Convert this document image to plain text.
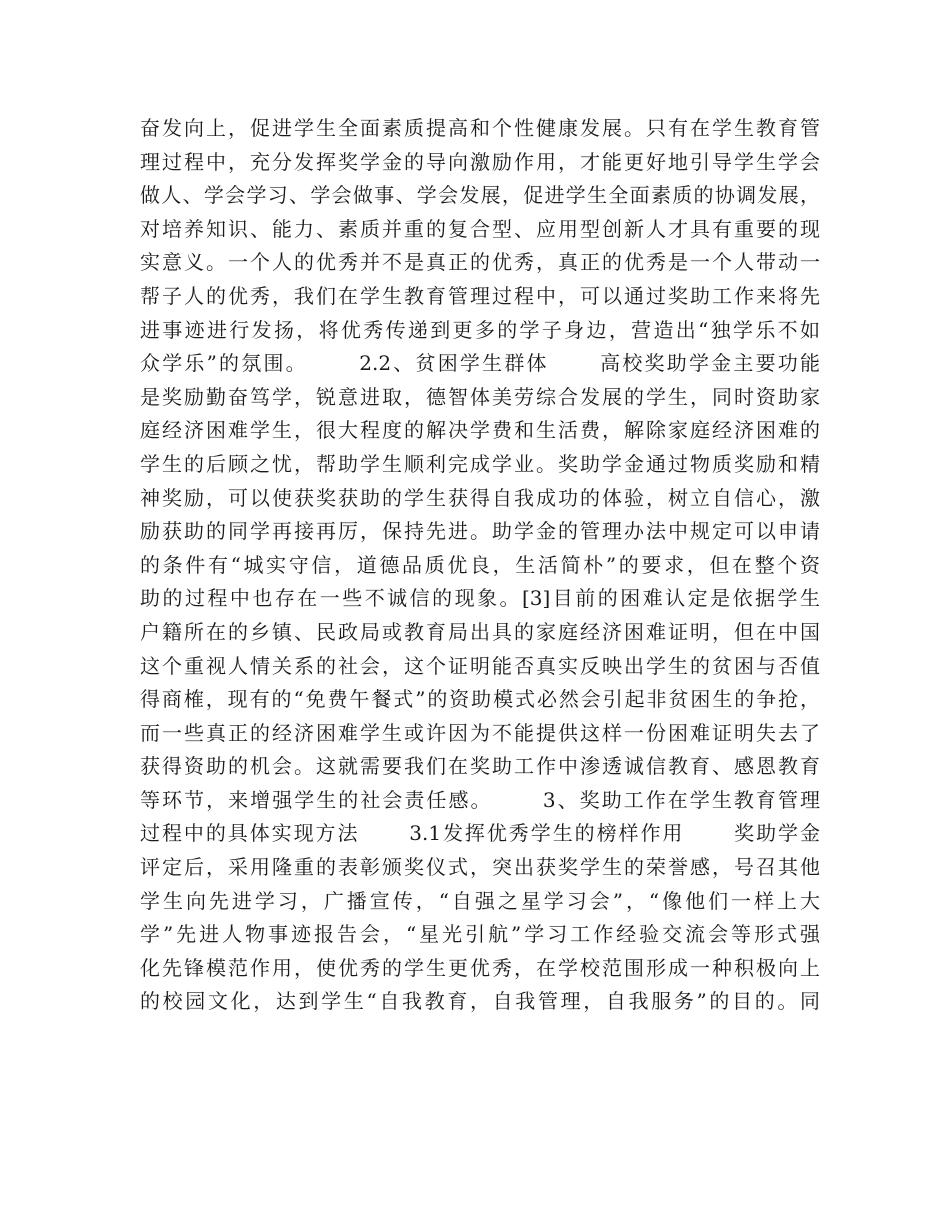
奋发向上，促进学生全面素质提高和个性健康发展。只有在学生教育管
理过程中，充分发挥奖学金的导向激励作用，才能更好地引导学生学会
做人、学会学习、学会做事、学会发展，促进学生全面素质的协调发展，
对培养知识、能力、素质并重的复合型、应用型创新人才具有重要的现
实意义。一个人的优秀并不是真正的优秀，真正的优秀是一个人带动一
帮子人的优秀，我们在学生教育管理过程中，可以通过奖助工作来将先
进事迹进行发扬，将优秀传递到更多的学子身边，营造出“独学乐不如
众学乐”的氛围。      2.2、贫困学生群体      高校奖助学金主要功能
是奖励勤奋笃学，锐意进取，德智体美劳综合发展的学生，同时资助家
庭经济困难学生，很大程度的解决学费和生活费，解除家庭经济困难的
学生的后顾之忧，帮助学生顺利完成学业。奖助学金通过物质奖励和精
神奖励，可以使获奖获助的学生获得自我成功的体验，树立自信心，激
励获助的同学再接再厉，保持先进。助学金的管理办法中规定可以申请
的条件有“城实守信，道德品质优良，生活简朴”的要求，但在整个资
助的过程中也存在一些不诚信的现象。[3]目前的困难认定是依据学生
户籍所在的乡镇、民政局或教育局出具的家庭经济困难证明，但在中国
这个重视人情关系的社会，这个证明能否真实反映出学生的贫困与否值
得商榷，现有的“免费午餐式”的资助模式必然会引起非贫困生的争抢，
而一些真正的经济困难学生或许因为不能提供这样一份困难证明失去了
获得资助的机会。这就需要我们在奖助工作中渗透诚信教育、感恩教育
等环节，来增强学生的社会责任感。      3、奖助工作在学生教育管理
过程中的具体实现方法      3.1发挥优秀学生的榜样作用      奖助学金
评定后，采用隆重的表彰颁奖仪式，突出获奖学生的荣誉感，号召其他
学生向先进学习，广播宣传，“自强之星学习会”，“像他们一样上大
学”先进人物事迹报告会，“星光引航”学习工作经验交流会等形式强
化先锋模范作用，使优秀的学生更优秀，在学校范围形成一种积极向上
的校园文化，达到学生“自我教育，自我管理，自我服务”的目的。同
